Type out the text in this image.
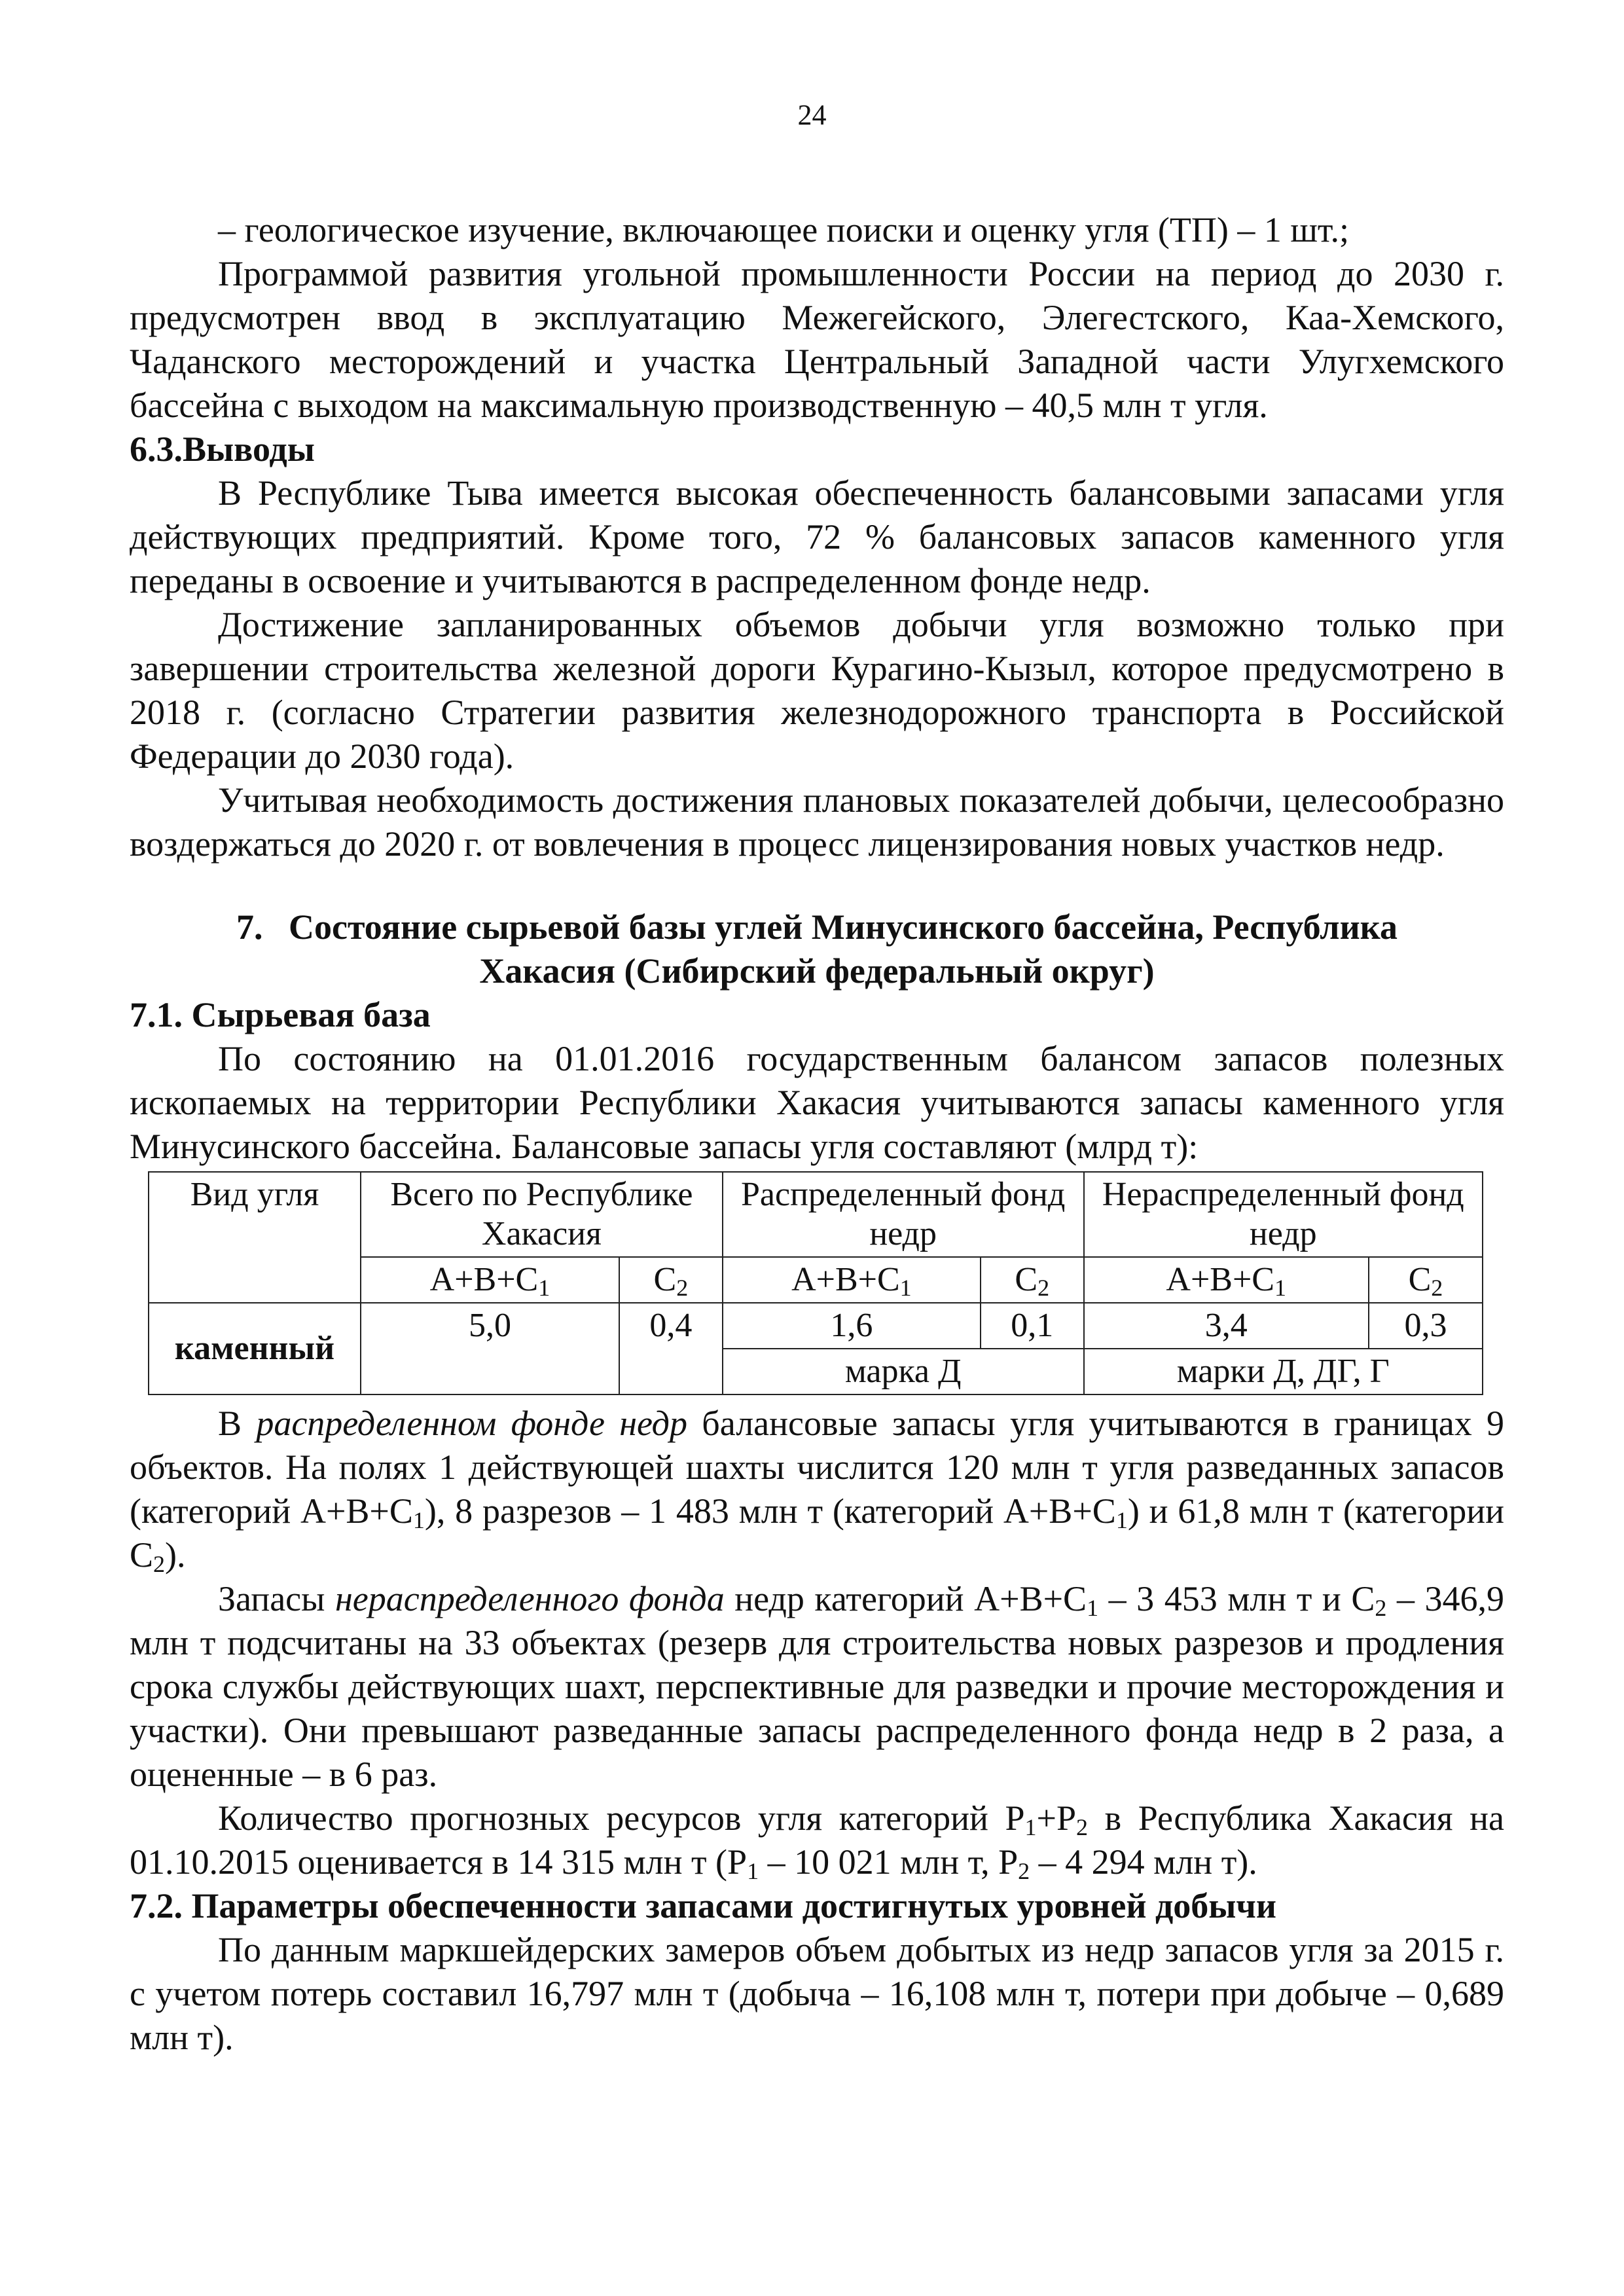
24

– геологическое изучение, включающее поиски и оценку угля (ТП) – 1 шт.;

Программой развития угольной промышленности России на период до 2030 г. предусмотрен ввод в эксплуатацию Межегейского, Элегестского, Каа-Хемского, Чаданского месторождений и участка Центральный Западной части Улугхемского бассейна с выходом на максимальную производственную – 40,5 млн т угля.

6.3.Выводы

В Республике Тыва имеется высокая обеспеченность балансовыми запасами угля действующих предприятий. Кроме того, 72 % балансовых запасов каменного угля переданы в освоение и учитываются в распределенном фонде недр.

Достижение запланированных объемов добычи угля возможно только при завершении строительства железной дороги Курагино-Кызыл, которое предусмотрено в 2018 г. (согласно Стратегии развития железнодорожного транспорта в Российской Федерации до 2030 года).

Учитывая необходимость достижения плановых показателей добычи, целесообразно воздержаться до 2020 г. от вовлечения в процесс лицензирования новых участков недр.

7. Состояние сырьевой базы углей Минусинского бассейна, Республика
Хакасия (Сибирский федеральный округ)

7.1. Сырьевая база

По состоянию на 01.01.2016 государственным балансом запасов полезных ископаемых на территории Республики Хакасия учитываются запасы каменного угля Минусинского бассейна. Балансовые запасы угля составляют (млрд т):

Вид угля	Всего по Республике Хакасия		Распределенный фонд недр		Нераспределенный фонд недр	
	$А+В+С_1$	$С_2$	$А+В+С_1$	$С_2$	$А+В+С_1$	$С_2$
каменный	5,0	0,4	1,6	0,1	3,4	0,3
			марка Д		марки Д, ДГ, Г	

В распределенном фонде недр балансовые запасы угля учитываются в границах 9 объектов. На полях 1 действующей шахты числится 120 млн т угля разведанных запасов (категорий $А+В+С_1$), 8 разрезов – 1 483 млн т (категорий $А+В+С_1$) и 61,8 млн т (категории $С_2$).

Запасы нераспределенного фонда недр категорий $А+В+С_1 - 3$ 453 млн т и $С_2 - 346,9$ млн т подсчитаны на 33 объектах (резерв для строительства новых разрезов и продления срока службы действующих шахт, перспективные для разведки и прочие месторождения и участки). Они превышают разведанные запасы распределенного фонда недр в 2 раза, а оцененные – в 6 раз.

Количество прогнозных ресурсов угля категорий $Р_1+Р_2$ в Республика Хакасия на 01.10.2015 оценивается в 14 315 млн т ($Р_1 - 10$ 021 млн т, $Р_2 - 4$ 294 млн т).

7.2. Параметры обеспеченности запасами достигнутых уровней добычи

По данным маркшейдерских замеров объем добытых из недр запасов угля за 2015 г. с учетом потерь составил 16,797 млн т (добыча – 16,108 млн т, потери при добыче – 0,689 млн т).
